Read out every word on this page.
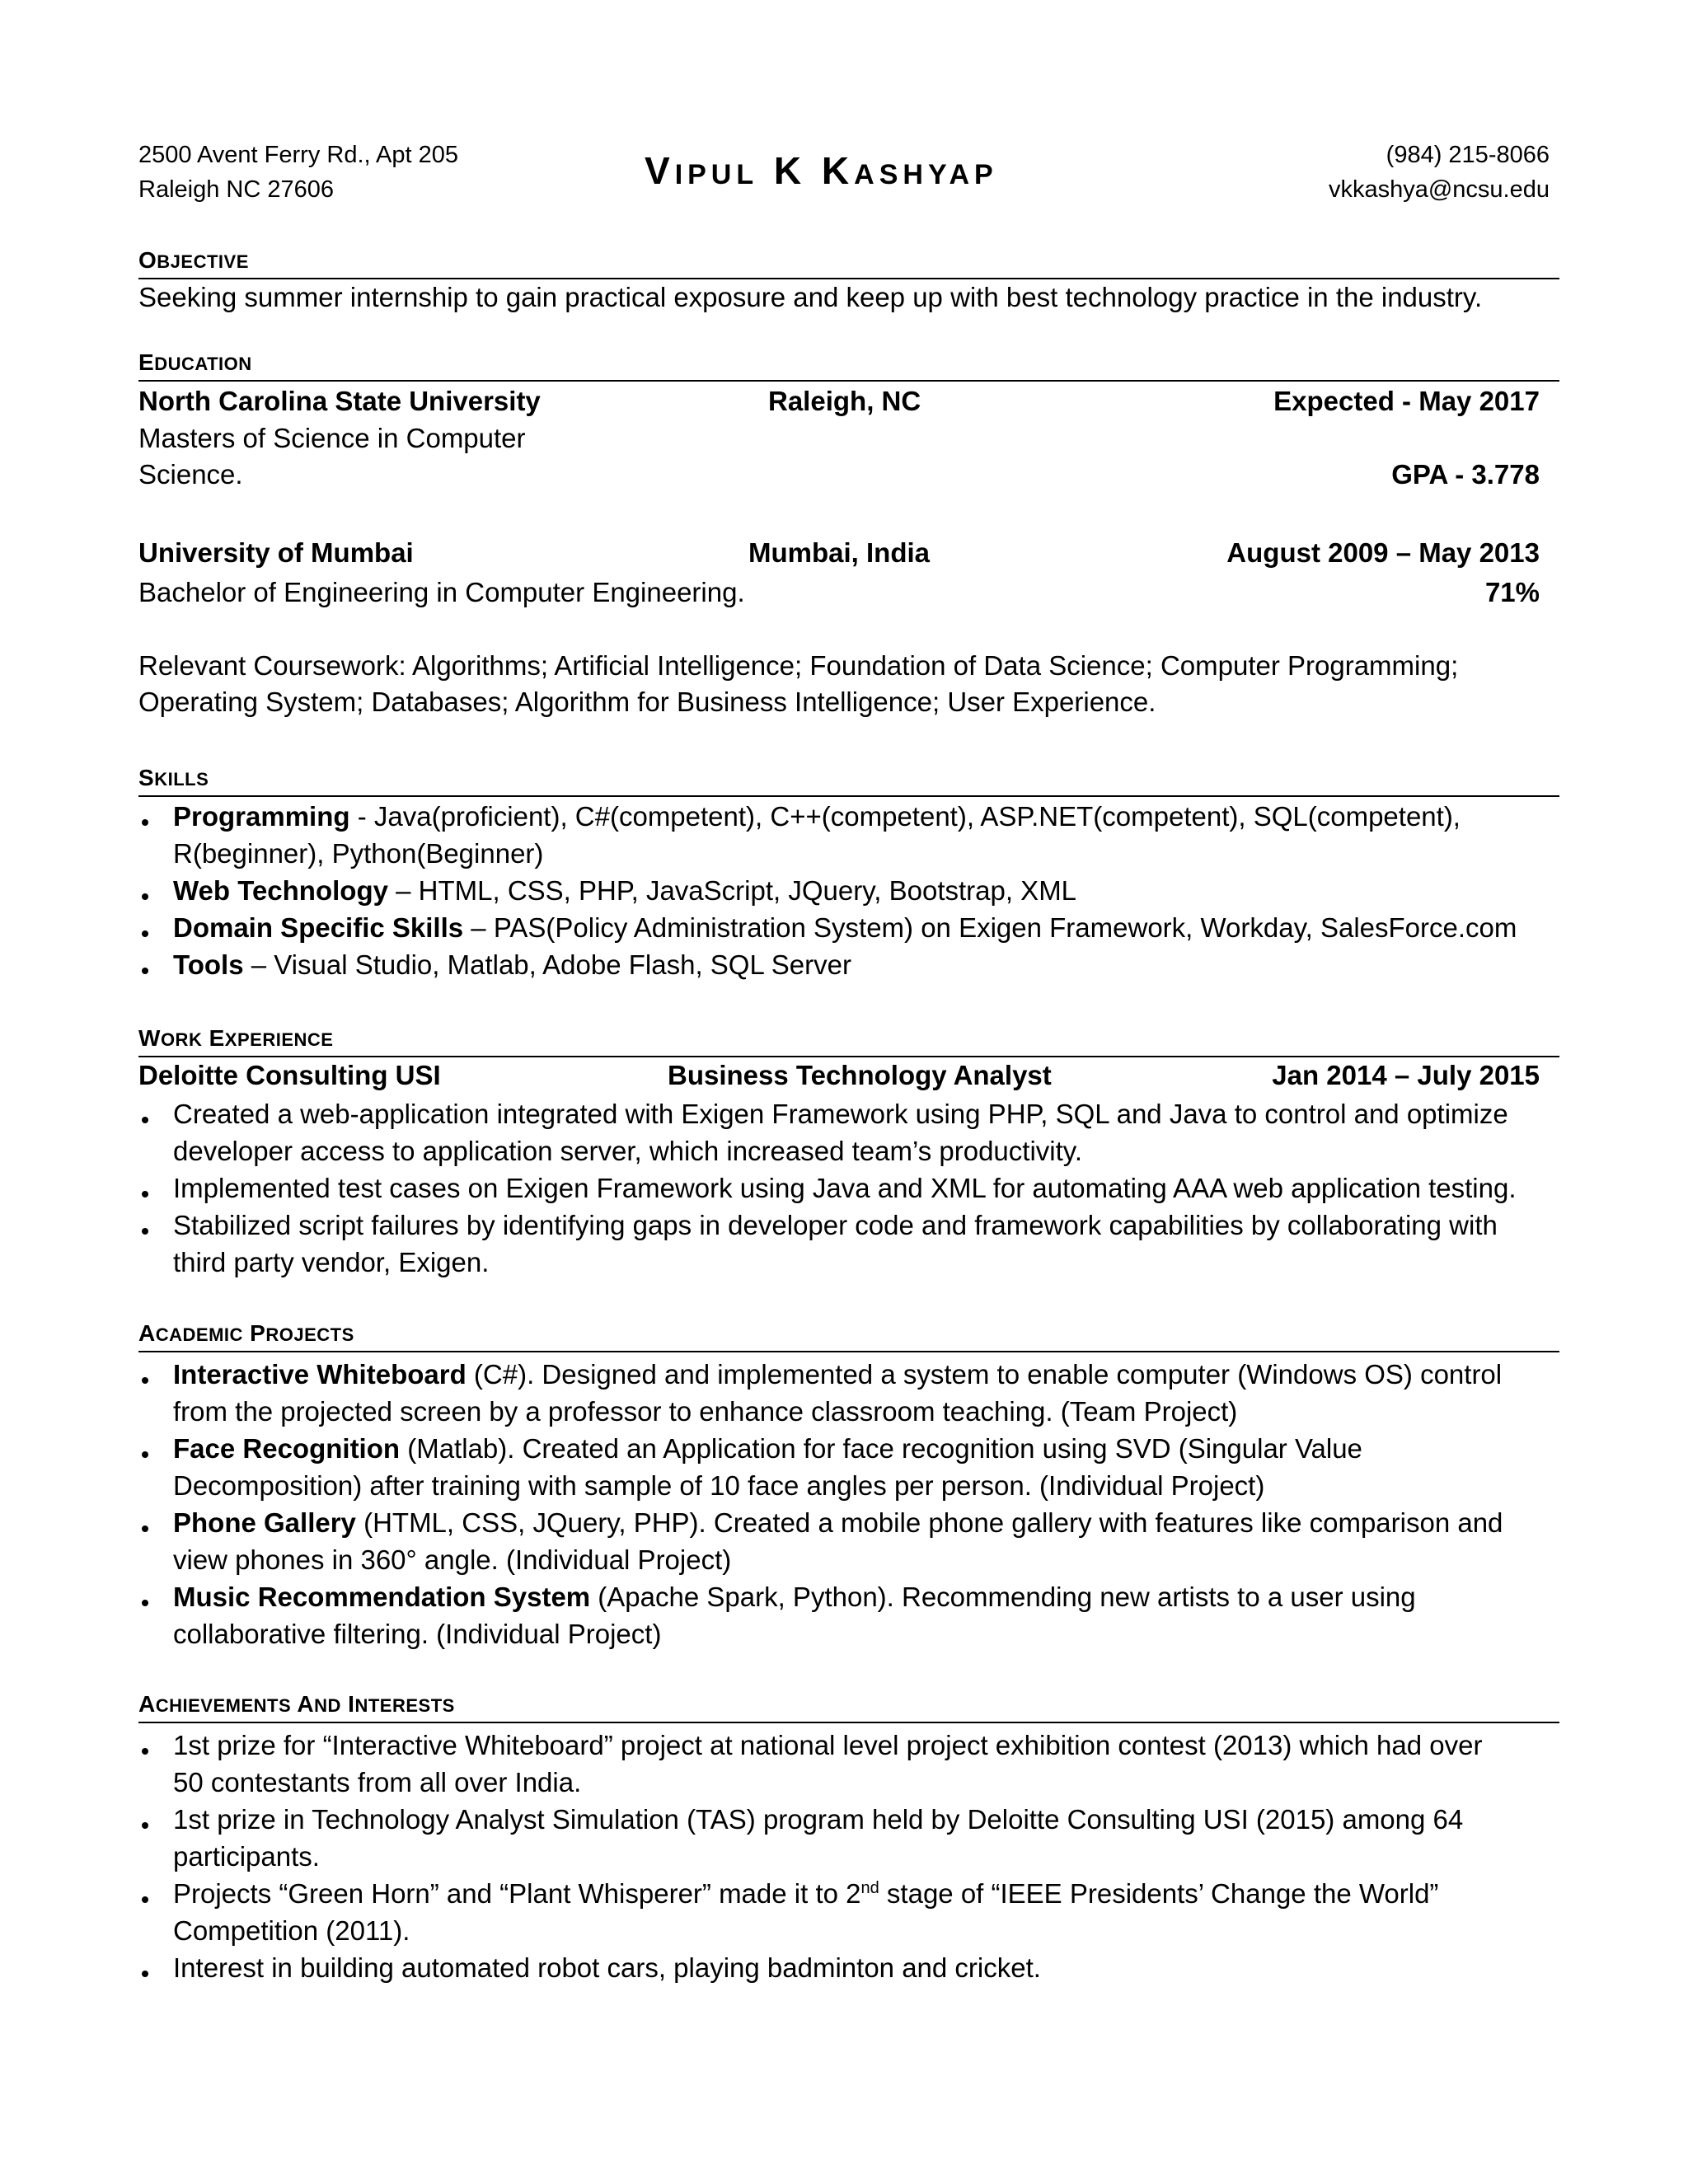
2500 Avent Ferry Rd., Apt 205
Raleigh NC 27606	VIPUL K KASHYAP
(984) 215-8066
vkkashya@ncsu.edu
OBJECTIVE
Seeking summer internship to gain practical exposure and keep up with best technology practice in the industry.
EDUCATION
North Carolina State University	Raleigh, NC	Expected - May 2017
Masters of Science in Computer
Science.	GPA - 3.778
University of Mumbai	Mumbai, India	August 2009 – May 2013
Bachelor of Engineering in Computer Engineering.	71%
Relevant Coursework: Algorithms; Artificial Intelligence; Foundation of Data Science; Computer Programming;
Operating System; Databases; Algorithm for Business Intelligence; User Experience.
SKILLS
Programming - Java(proficient), C#(competent), C++(competent), ASP.NET(competent), SQL(competent),
R(beginner), Python(Beginner)
Web Technology – HTML, CSS, PHP, JavaScript, JQuery, Bootstrap, XML
Domain Specific Skills – PAS(Policy Administration System) on Exigen Framework, Workday, SalesForce.com
Tools – Visual Studio, Matlab, Adobe Flash, SQL Server
WORK EXPERIENCE
Deloitte Consulting USI	Business Technology Analyst	Jan 2014 – July 2015
Created a web-application integrated with Exigen Framework using PHP, SQL and Java to control and optimize
developer access to application server, which increased team’s productivity.
Implemented test cases on Exigen Framework using Java and XML for automating AAA web application testing.
Stabilized script failures by identifying gaps in developer code and framework capabilities by collaborating with
third party vendor, Exigen.
ACADEMIC PROJECTS
Interactive Whiteboard (C#). Designed and implemented a system to enable computer (Windows OS) control
from the projected screen by a professor to enhance classroom teaching. (Team Project)
Face Recognition (Matlab). Created an Application for face recognition using SVD (Singular Value
Decomposition) after training with sample of 10 face angles per person. (Individual Project)
Phone Gallery (HTML, CSS, JQuery, PHP). Created a mobile phone gallery with features like comparison and
view phones in 360° angle. (Individual Project)
Music Recommendation System (Apache Spark, Python). Recommending new artists to a user using
collaborative filtering. (Individual Project)
ACHIEVEMENTS AND INTERESTS
1st prize for “Interactive Whiteboard” project at national level project exhibition contest (2013) which had over
50 contestants from all over India.
1st prize in Technology Analyst Simulation (TAS) program held by Deloitte Consulting USI (2015) among 64
participants.
Projects “Green Horn” and “Plant Whisperer” made it to 2nd stage of “IEEE Presidents’ Change the World”
Competition (2011).
Interest in building automated robot cars, playing badminton and cricket.
